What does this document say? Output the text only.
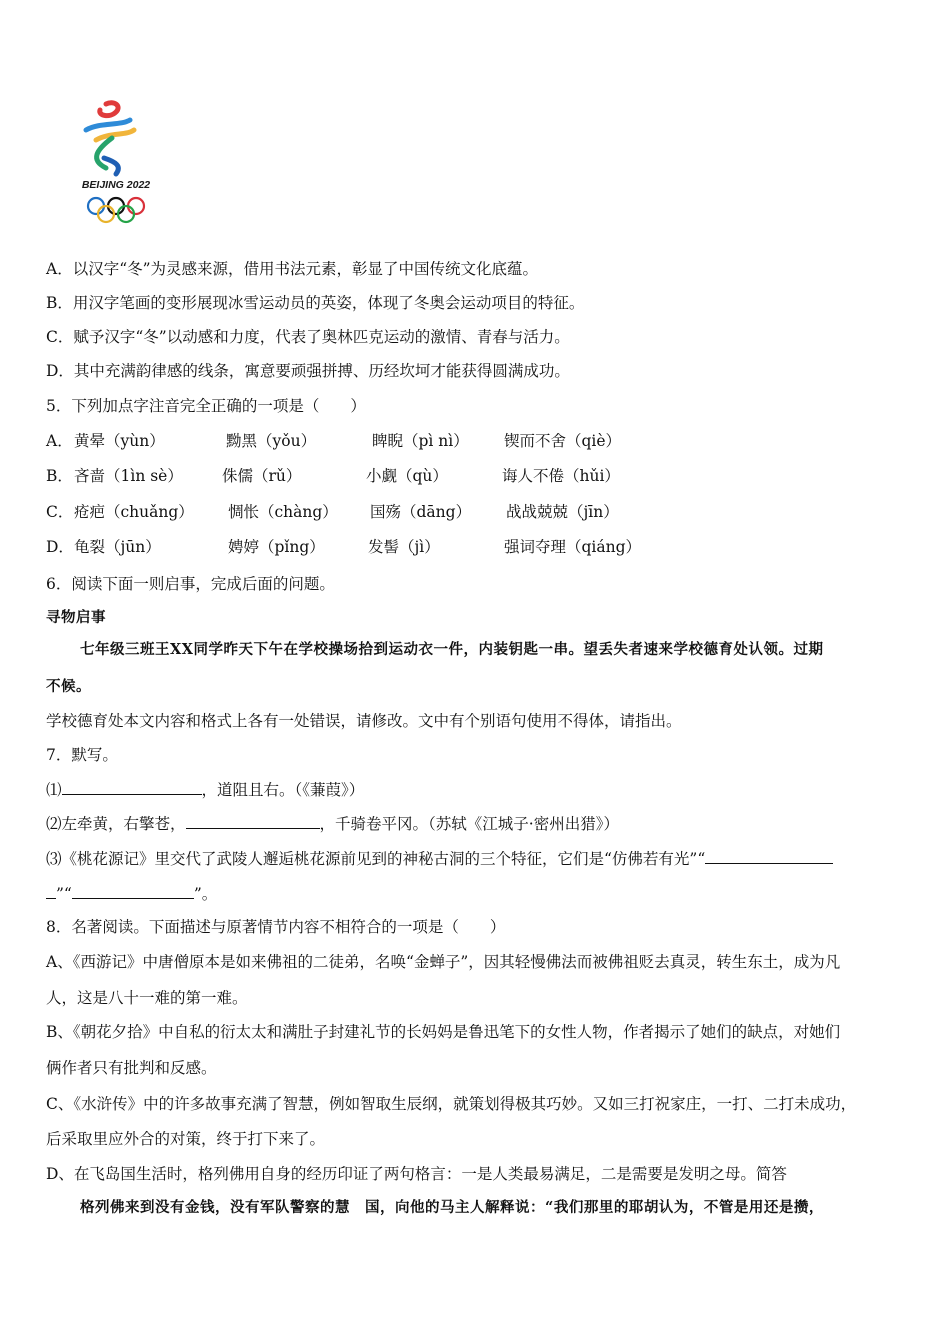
BEIJING 2022
A．以汉字“冬”为灵感来源，借用书法元素，彰显了中国传统文化底蕴。
B．用汉字笔画的变形展现冰雪运动员的英姿，体现了冬奥会运动项目的特征。
C．赋予汉字“冬”以动感和力度，代表了奥林匹克运动的激情、青春与活力。
D．其中充满韵律感的线条，寓意要顽强拼搏、历经坎坷才能获得圆满成功。
5．下列加点字注音完全正确的一项是（　　）
A． 黄晕（yùn）	黝黑（yǒu）	睥睨（pì nì） 锲而不舍（qiè）
B． 吝啬（1ìn sè）	侏儒（rǔ）	小觑（qù）	诲人不倦（hǔi）
C． 疮疤（chuǎng） 惆怅（chàng） 国殇（dāng） 战战兢兢（jīn）
D． 龟裂（jūn）	娉婷（pǐng）	发髻（jì）	强词夺理（qiáng）
6．阅读下面一则启事，完成后面的问题。
寻物启事
七年级三班王XX同学昨天下午在学校操场拾到运动衣一件，内装钥匙一串。望丢失者速来学校德育处认领。过期
不候。
学校德育处本文内容和格式上各有一处错误，请修改。文中有个别语句使用不得体，请指出。
7．默写。
⑴	，道阻且右。（《蒹葭》）
⑵左牵黄，右擎苍，	，千骑卷平冈。（苏轼《江城子·密州出猎》）
⑶《桃花源记》里交代了武陵人邂逅桃花源前见到的神秘古洞的三个特征，它们是“仿佛若有光”“
”“	”。
8．名著阅读。下面描述与原著情节内容不相符合的一项是（　　）
A、《西游记》中唐僧原本是如来佛祖的二徒弟，名唤“金蝉子”，因其轻慢佛法而被佛祖贬去真灵，转生东土，成为凡
人，这是八十一难的第一难。
B、《朝花夕拾》中自私的衍太太和满肚子封建礼节的长妈妈是鲁迅笔下的女性人物，作者揭示了她们的缺点，对她们
俩作者只有批判和反感。
C、《水浒传》中的许多故事充满了智慧，例如智取生辰纲，就策划得极其巧妙。又如三打祝家庄，一打、二打未成功，
后采取里应外合的对策，终于打下来了。
D、在飞岛国生活时，格列佛用自身的经历印证了两句格言：一是人类最易满足，二是需要是发明之母。简答
格列佛来到没有金钱，没有军队警察的慧　国，向他的马主人解释说：“我们那里的耶胡认为，不管是用还是攒，
